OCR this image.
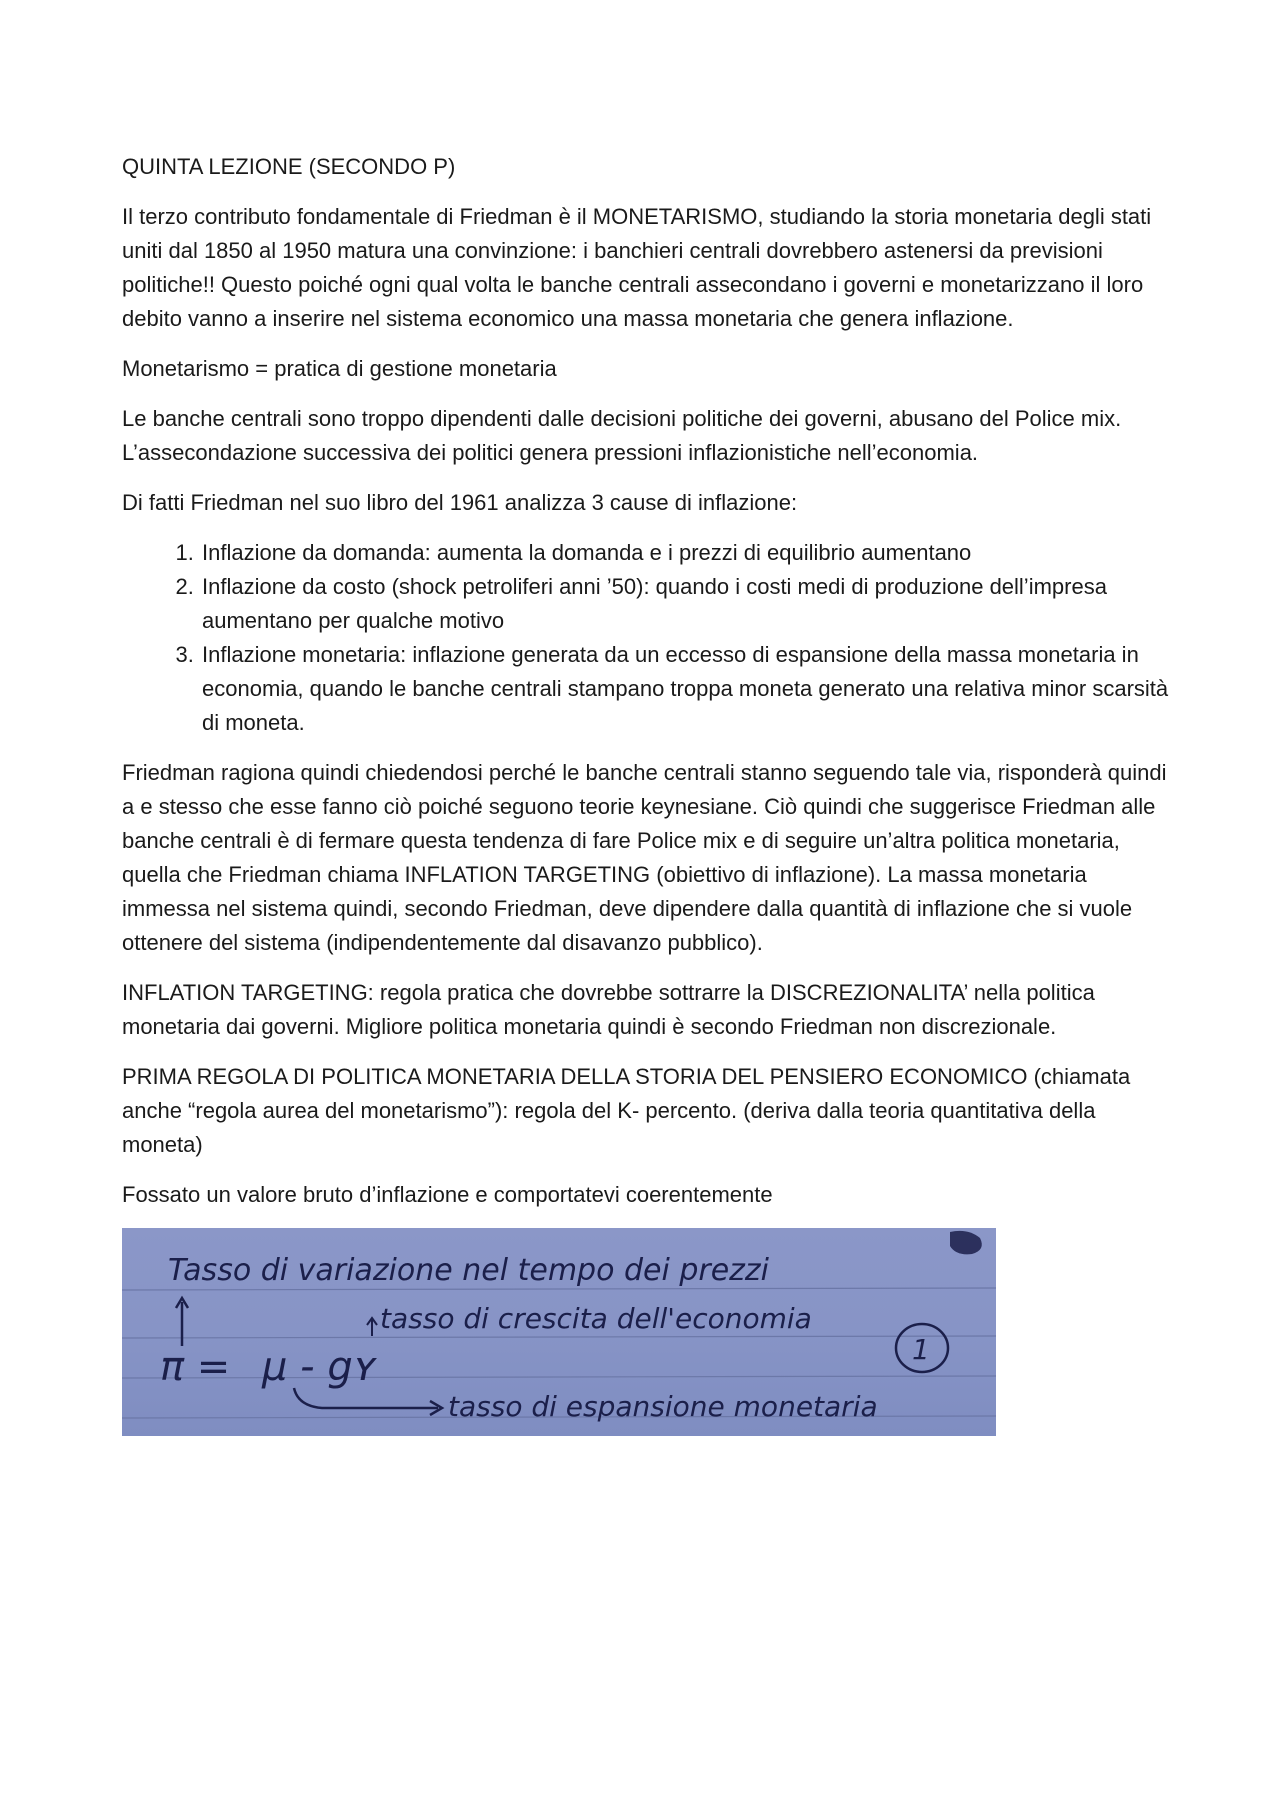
QUINTA LEZIONE (SECONDO P)

Il terzo contributo fondamentale di Friedman è il MONETARISMO, studiando la storia monetaria degli stati uniti dal 1850 al 1950 matura una convinzione: i banchieri centrali dovrebbero astenersi da previsioni politiche!! Questo poiché ogni qual volta le banche centrali assecondano i governi e monetarizzano il loro debito vanno a inserire nel sistema economico una massa monetaria che genera inflazione.

Monetarismo = pratica di gestione monetaria

Le banche centrali sono troppo dipendenti dalle decisioni politiche dei governi, abusano del Police mix. L’assecondazione successiva dei politici genera pressioni inflazionistiche nell’economia.

Di fatti Friedman nel suo libro del 1961 analizza 3 cause di inflazione:

1. Inflazione da domanda: aumenta la domanda e i prezzi di equilibrio aumentano
2. Inflazione da costo (shock petroliferi anni ’50): quando i costi medi di produzione dell’impresa aumentano per qualche motivo
3. Inflazione monetaria: inflazione generata da un eccesso di espansione della massa monetaria in economia, quando le banche centrali stampano troppa moneta generato una relativa minor scarsità di moneta.

Friedman ragiona quindi chiedendosi perché le banche centrali stanno seguendo tale via, risponderà quindi a e stesso che esse fanno ciò poiché seguono teorie keynesiane. Ciò quindi che suggerisce Friedman alle banche centrali è di fermare questa tendenza di fare Police mix e di seguire un’altra politica monetaria, quella che Friedman chiama INFLATION TARGETING (obiettivo di inflazione). La massa monetaria immessa nel sistema quindi, secondo Friedman, deve dipendere dalla quantità di inflazione che si vuole ottenere del sistema (indipendentemente dal disavanzo pubblico).

INFLATION TARGETING: regola pratica che dovrebbe sottrarre la DISCREZIONALITA’ nella politica monetaria dai governi. Migliore politica monetaria quindi è secondo Friedman non discrezionale.

PRIMA REGOLA DI POLITICA MONETARIA DELLA STORIA DEL PENSIERO ECONOMICO (chiamata anche “regola aurea del monetarismo”): regola del K- percento. (deriva dalla teoria quantitativa della moneta)

Fossato un valore bruto d’inflazione e comportatevi coerentemente

Tasso di variazione nel tempo dei prezzi
tasso di crescita dell'economia
π = μ - gʏ	1
tasso di espansione monetaria
